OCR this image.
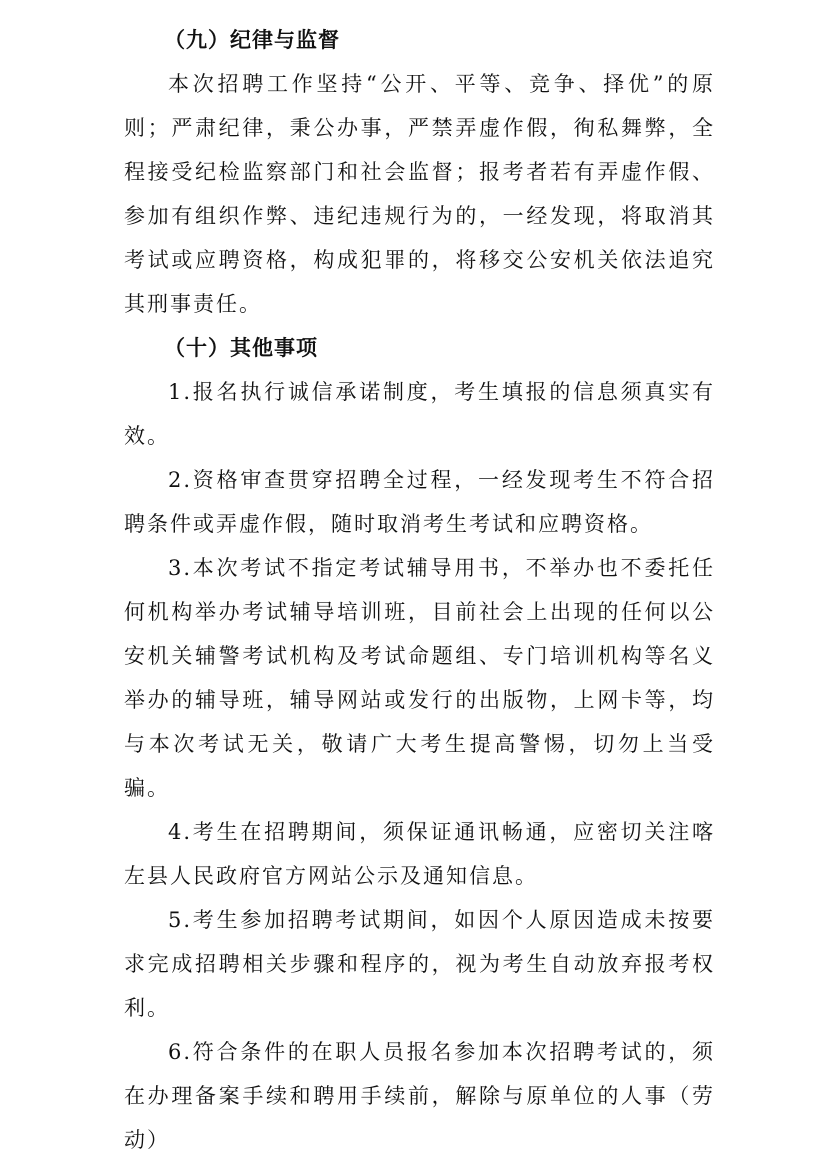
（九）纪律与监督

本次招聘工作坚持“公开、平等、竞争、择优”的原则；严肃纪律，秉公办事，严禁弄虚作假，徇私舞弊，全程接受纪检监察部门和社会监督；报考者若有弄虚作假、参加有组织作弊、违纪违规行为的，一经发现，将取消其考试或应聘资格，构成犯罪的，将移交公安机关依法追究其刑事责任。

（十）其他事项

1.报名执行诚信承诺制度，考生填报的信息须真实有效。

2.资格审查贯穿招聘全过程，一经发现考生不符合招聘条件或弄虚作假，随时取消考生考试和应聘资格。

3.本次考试不指定考试辅导用书，不举办也不委托任何机构举办考试辅导培训班，目前社会上出现的任何以公安机关辅警考试机构及考试命题组、专门培训机构等名义举办的辅导班，辅导网站或发行的出版物，上网卡等，均与本次考试无关，敬请广大考生提高警惕，切勿上当受骗。

4.考生在招聘期间，须保证通讯畅通，应密切关注喀左县人民政府官方网站公示及通知信息。

5.考生参加招聘考试期间，如因个人原因造成未按要求完成招聘相关步骤和程序的，视为考生自动放弃报考权利。

6.符合条件的在职人员报名参加本次招聘考试的，须在办理备案手续和聘用手续前，解除与原单位的人事（劳动）
